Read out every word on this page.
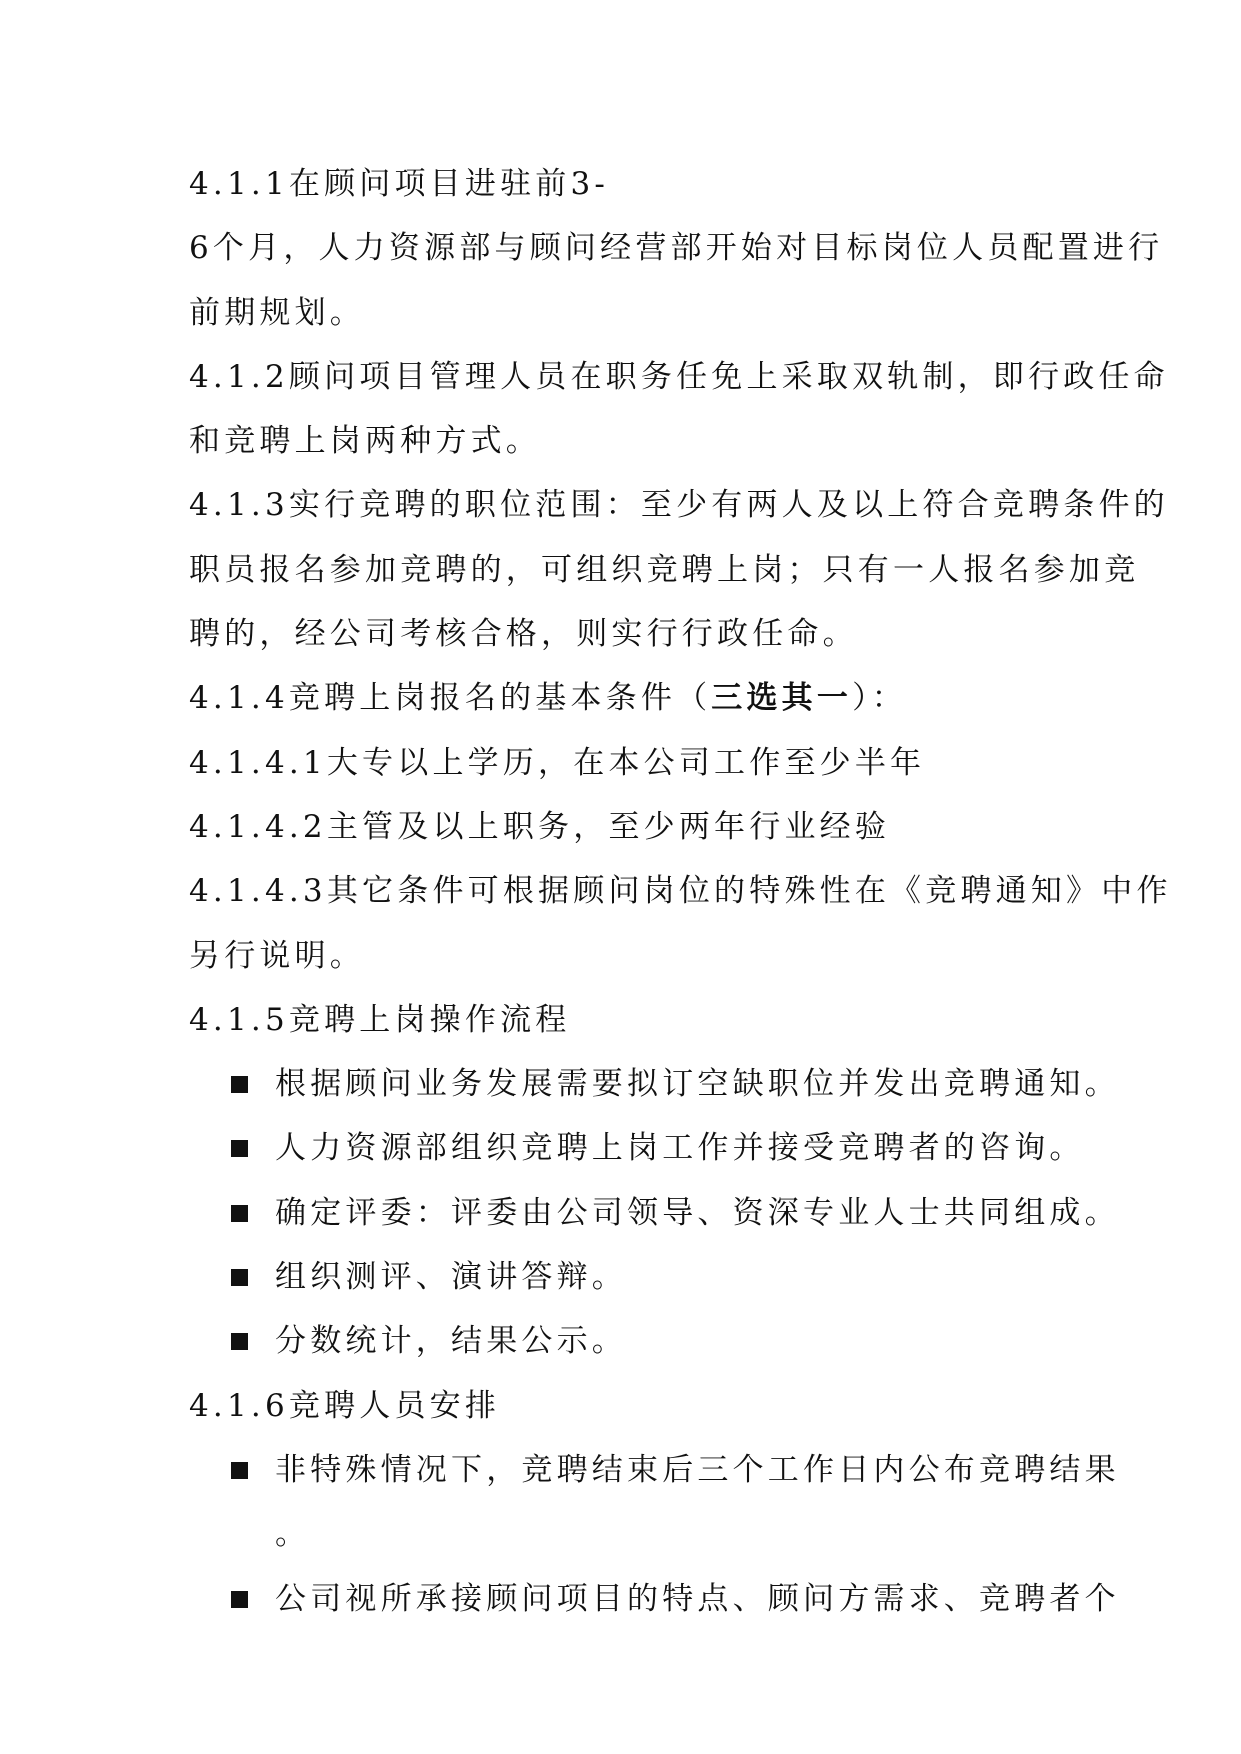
4.1.1在顾问项目进驻前3-
6个月，人力资源部与顾问经营部开始对目标岗位人员配置进行
前期规划。
4.1.2顾问项目管理人员在职务任免上采取双轨制，即行政任命
和竞聘上岗两种方式。
4.1.3实行竞聘的职位范围：至少有两人及以上符合竞聘条件的
职员报名参加竞聘的，可组织竞聘上岗；只有一人报名参加竞
聘的，经公司考核合格，则实行行政任命。
4.1.4竞聘上岗报名的基本条件（三选其一）：
4.1.4.1大专以上学历，在本公司工作至少半年
4.1.4.2主管及以上职务，至少两年行业经验
4.1.4.3其它条件可根据顾问岗位的特殊性在《竞聘通知》中作
另行说明。
4.1.5竞聘上岗操作流程
根据顾问业务发展需要拟订空缺职位并发出竞聘通知。
人力资源部组织竞聘上岗工作并接受竞聘者的咨询。
确定评委：评委由公司领导、资深专业人士共同组成。
组织测评、演讲答辩。
分数统计，结果公示。
4.1.6竞聘人员安排
非特殊情况下，竞聘结束后三个工作日内公布竞聘结果
。
公司视所承接顾问项目的特点、顾问方需求、竞聘者个
